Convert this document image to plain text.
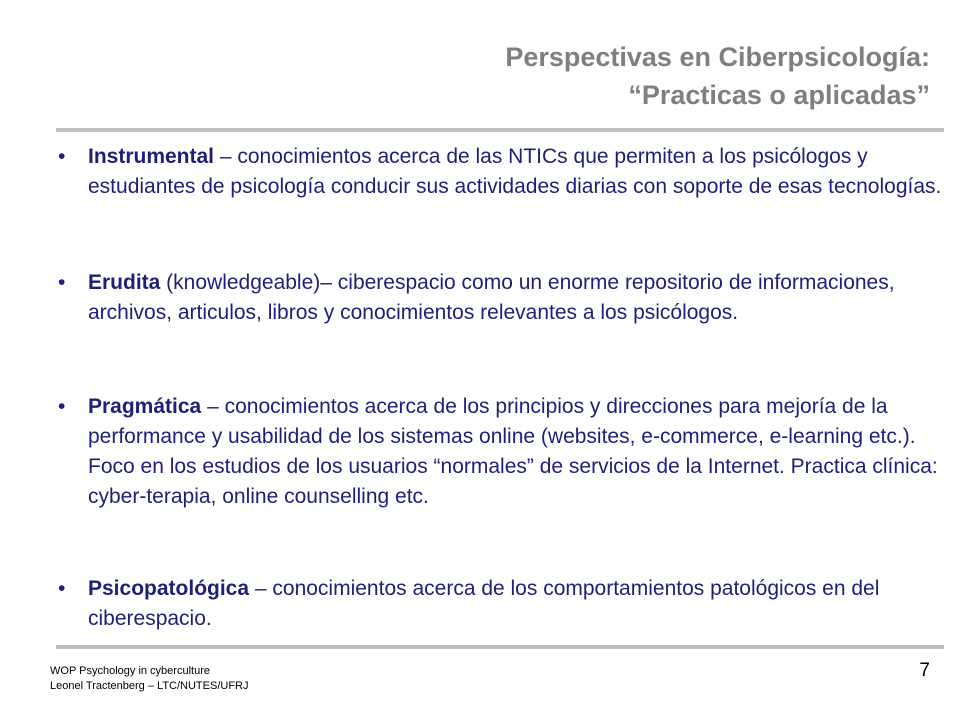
Perspectivas en Ciberpsicología:
“Practicas o aplicadas”
• Instrumental – conocimientos acerca de las NTICs que permiten a los psicólogos y estudiantes de psicología conducir sus actividades diarias con soporte de esas tecnologías.
• Erudita (knowledgeable)– ciberespacio como un enorme repositorio de informaciones, archivos, articulos, libros y conocimientos relevantes a los psicólogos.
• Pragmática – conocimientos acerca de los principios y direcciones para mejoría de la performance y usabilidad de los sistemas online (websites, e-commerce, e-learning etc.). Foco en los estudios de los usuarios “normales” de servicios de la Internet. Practica clínica: cyber-terapia, online counselling etc.
• Psicopatológica – conocimientos acerca de los comportamientos patológicos en del ciberespacio.
WOP Psychology in cyberculture
Leonel Tractenberg – LTC/NUTES/UFRJ
7
